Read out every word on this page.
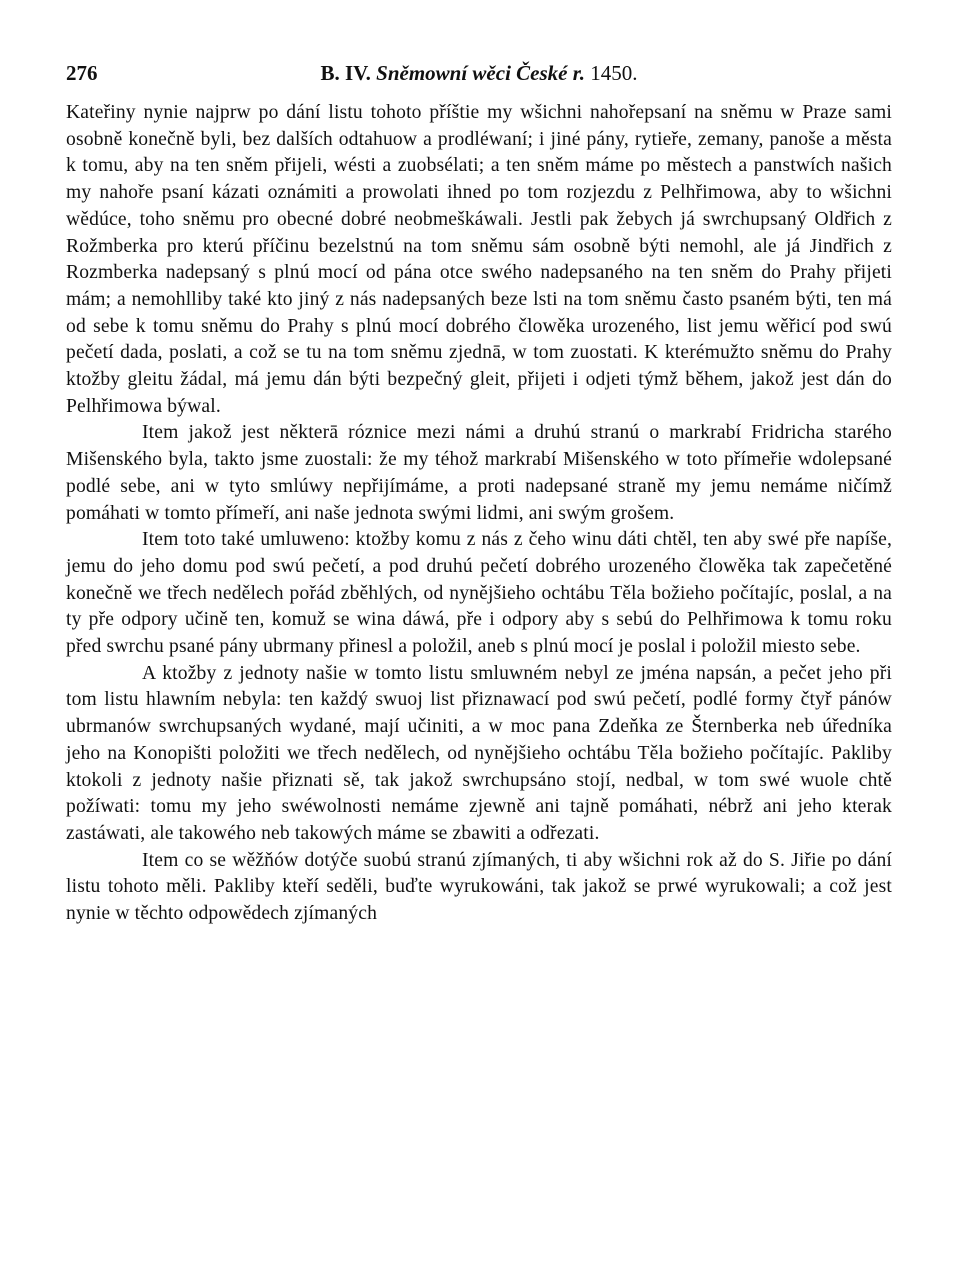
276	B. IV. Sněmowní wěci České r. 1450.

Kateřiny nynie najprw po dání listu tohoto příštie my wšichni nahořepsaní na sněmu w Praze sami osobně konečně byli, bez dalších odtahuow a prodléwaní; i jiné pány, rytieře, zemany, panoše a města k tomu, aby na ten sněm přijeli, wésti a zuobsélati; a ten sněm máme po městech a panstwích našich my nahoře psaní kázati oznámiti a prowolati ihned po tom rozjezdu z Pelhřimowa, aby to wšichni wědúce, toho sněmu pro obecné dobré neobmeškáwali. Jestli pak žebych já swrchupsaný Oldřich z Rožmberka pro kterú příčinu bezelstnú na tom sněmu sám osobně býti nemohl, ale já Jindřich z Rozmberka nadepsaný s plnú mocí od pána otce swého nadepsaného na ten sněm do Prahy přijeti mám; a nemohlliby také kto jiný z nás nadepsaných beze lsti na tom sněmu často psaném býti, ten má od sebe k tomu sněmu do Prahy s plnú mocí dobrého člowěka urozeného, list jemu wěřicí pod swú pečetí dada, poslati, a což se tu na tom sněmu zjednā, w tom zuostati. K kterémužto sněmu do Prahy ktožby gleitu žádal, má jemu dán býti bezpečný gleit, přijeti i odjeti týmž během, jakož jest dán do Pelhřimowa býwal.

Item jakož jest některā róznice mezi námi a druhú stranú o markrabí Fridricha starého Mišenského byla, takto jsme zuostali: že my téhož markrabí Mišenského w toto přímeřie wdolepsané podlé sebe, ani w tyto smlúwy nepřijímáme, a proti nadepsané straně my jemu nemáme ničímž pomáhati w tomto přímeří, ani naše jednota swými lidmi, ani swým grošem.

Item toto také umluweno: ktožby komu z nás z čeho winu dáti chtěl, ten aby swé pře napíše, jemu do jeho domu pod swú pečetí, a pod druhú pečetí dobrého urozeného člowěka tak zapečetěné konečně we třech nedělech pořád zběhlých, od nynějšieho ochtábu Těla božieho počítajíc, poslal, a na ty pře odpory učině ten, komuž se wina dáwá, pře i odpory aby s sebú do Pelhřimowa k tomu roku před swrchu psané pány ubrmany přinesl a položil, aneb s plnú mocí je poslal i položil miesto sebe.

A ktožby z jednoty našie w tomto listu smluwném nebyl ze jména napsán, a pečet jeho při tom listu hlawním nebyla: ten každý swuoj list přiznawací pod swú pečetí, podlé formy čtyř pánów ubrmanów swrchupsaných wydané, mají učiniti, a w moc pana Zdeňka ze Šternberka neb úředníka jeho na Konopišti položiti we třech nedělech, od nynějšieho ochtábu Těla božieho počítajíc. Pakliby ktokoli z jednoty našie přiznati sě, tak jakož swrchupsáno stojí, nedbal, w tom swé wuole chtě požíwati: tomu my jeho swéwolnosti nemáme zjewně ani tajně pomáhati, nébrž ani jeho kterak zastáwati, ale takowého neb takowých máme se zbawiti a odřezati.

Item co se wěžňów dotýče suobú stranú zjímaných, ti aby wšichni rok až do S. Jiřie po dání listu tohoto měli. Pakliby kteří seděli, buďte wyrukowáni, tak jakož se prwé wyrukowali; a což jest nynie w těchto odpowědech zjímaných
